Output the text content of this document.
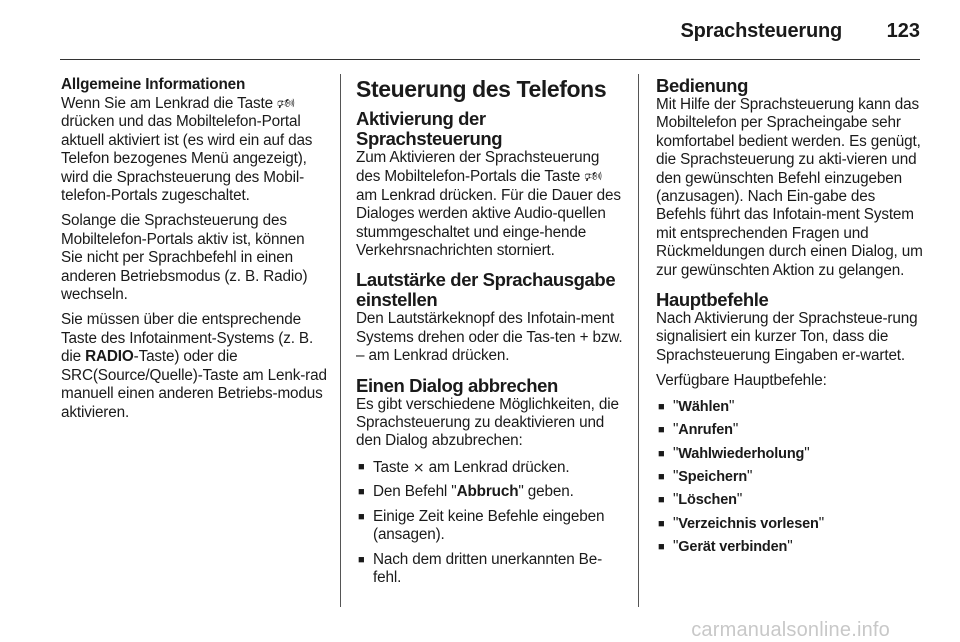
Sprachsteuerung 123
Allgemeine Informationen

Wenn Sie am Lenkrad die Taste 🕬 drücken und das Mobiltelefon-Portal aktuell aktiviert ist (es wird ein auf das Telefon bezogenes Menü angezeigt), wird die Sprachsteuerung des Mobil-telefon-Portals zugeschaltet.

Solange die Sprachsteuerung des Mobiltelefon-Portals aktiv ist, können Sie nicht per Sprachbefehl in einen anderen Betriebsmodus (z. B. Radio) wechseln.

Sie müssen über die entsprechende Taste des Infotainment-Systems (z. B. die RADIO-Taste) oder die SRC(Source/Quelle)-Taste am Lenk-rad manuell einen anderen Betriebs-modus aktivieren.

Steuerung des Telefons
Aktivierung der Sprachsteuerung

Zum Aktivieren der Sprachsteuerung des Mobiltelefon-Portals die Taste 🕬 am Lenkrad drücken. Für die Dauer des Dialoges werden aktive Audio-quellen stummgeschaltet und einge-hende Verkehrsnachrichten storniert.

Lautstärke der Sprachausgabe einstellen

Den Lautstärkeknopf des Infotain-ment Systems drehen oder die Tas-ten + bzw. – am Lenkrad drücken.

Einen Dialog abbrechen

Es gibt verschiedene Möglichkeiten, die Sprachsteuerung zu deaktivieren und den Dialog abzubrechen:

■ Taste ⨯ am Lenkrad drücken.
■ Den Befehl "Abbruch" geben.
■ Einige Zeit keine Befehle eingeben (ansagen).
■ Nach dem dritten unerkannten Be-fehl.
Bedienung

Mit Hilfe der Sprachsteuerung kann das Mobiltelefon per Spracheingabe sehr komfortabel bedient werden. Es genügt, die Sprachsteuerung zu akti-vieren und den gewünschten Befehl einzugeben (anzusagen). Nach Ein-gabe des Befehls führt das Infotain-ment System mit entsprechenden Fragen und Rückmeldungen durch einen Dialog, um zur gewünschten Aktion zu gelangen.

Hauptbefehle

Nach Aktivierung der Sprachsteue-rung signalisiert ein kurzer Ton, dass die Sprachsteuerung Eingaben er-wartet.

Verfügbare Hauptbefehle:

■ "Wählen"
■ "Anrufen"
■ "Wahlwiederholung"
■ "Speichern"
■ "Löschen"
■ "Verzeichnis vorlesen"
■ "Gerät verbinden"
carmanualsonline.info
